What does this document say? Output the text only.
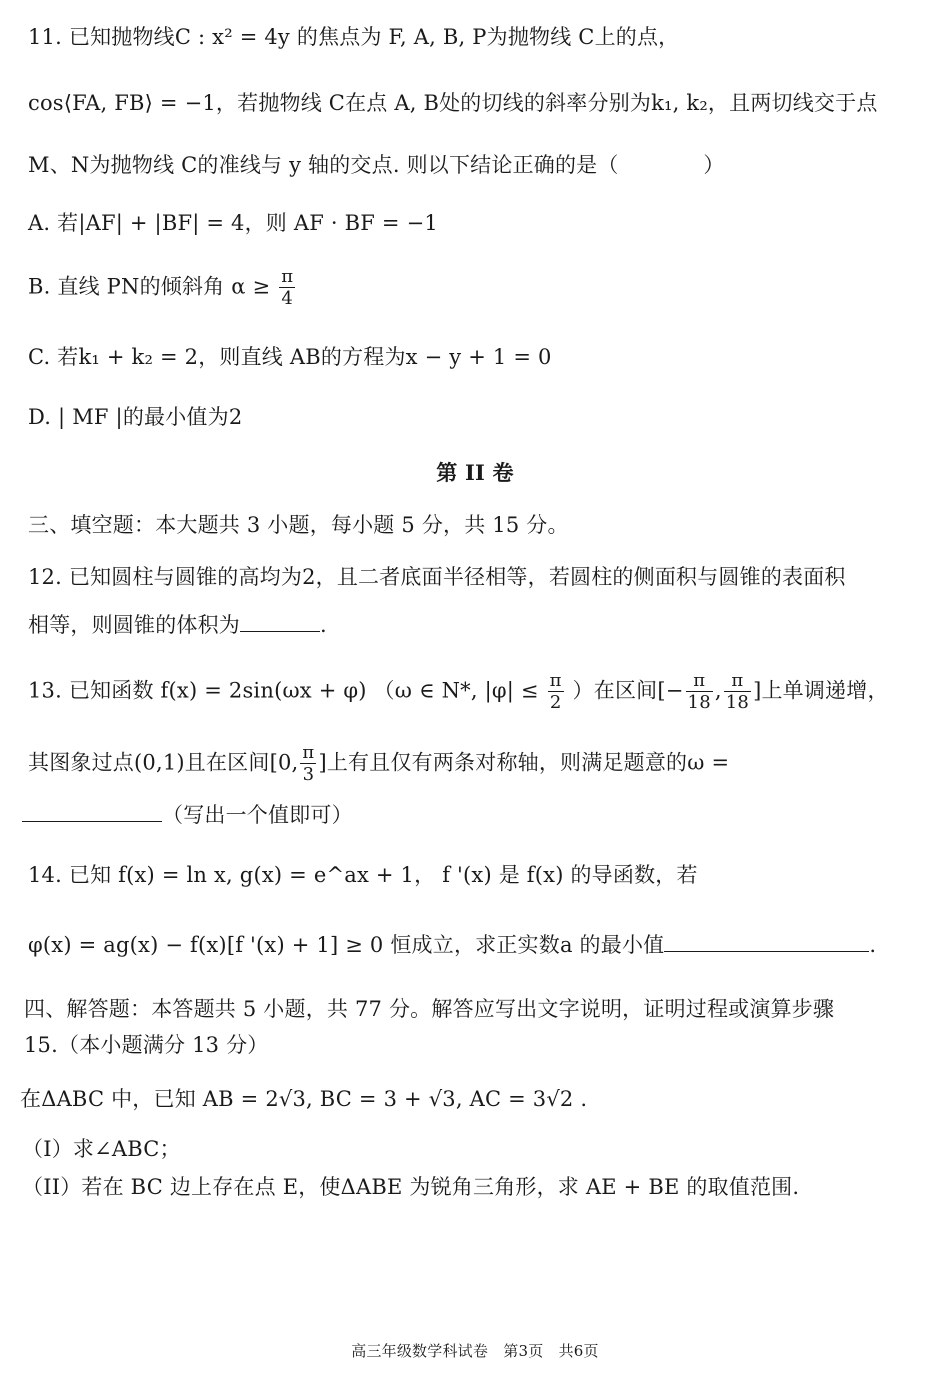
11. 已知抛物线C : x² = 4y 的焦点为 F, A, B, P为抛物线 C上的点，
cos⟨FA, FB⟩ = −1，若抛物线 C在点 A, B处的切线的斜率分别为k₁, k₂，且两切线交于点
M、N为抛物线 C的准线与 y 轴的交点. 则以下结论正确的是（　　　　）
A. 若|AF| + |BF| = 4，则 AF · BF = −1
B. 直线 PN的倾斜角 $\alpha \ge \frac{\pi}{4}$
C. 若k₁ + k₂ = 2，则直线 AB的方程为x − y + 1 = 0
D. | MF |的最小值为2
第 II 卷
三、填空题：本大题共 3 小题，每小题 5 分，共 15 分。
12. 已知圆柱与圆锥的高均为2，且二者底面半径相等，若圆柱的侧面积与圆锥的表面积
相等，则圆锥的体积为	.
13. 已知函数 f(x) = 2sin(ωx + φ) （ω ∈ N*, $|\varphi| \le \frac{\pi}{2}$ ）在区间[− $\frac{\pi}{18}$ , $\frac{\pi}{18}$ ]上单调递增，
其图象过点(0,1)且在区间[0, $\frac{\pi}{3}$ ]上有且仅有两条对称轴，则满足题意的ω =
（写出一个值即可）
14. 已知 f(x) = ln x, g(x) = e^ax + 1， f '(x) 是 f(x) 的导函数，若
φ(x) = ag(x) − f(x)[f '(x) + 1] ≥ 0 恒成立，求正实数a 的最小值	.
四、解答题：本答题共 5 小题，共 77 分。解答应写出文字说明，证明过程或演算步骤
15.（本小题满分 13 分）
在ΔABC 中，已知 AB = 2√3, BC = 3 + √3, AC = 3√2 .
（I）求∠ABC；
（II）若在 BC 边上存在点 E，使ΔABE 为锐角三角形，求 AE + BE 的取值范围.
高三年级数学科试卷　第3页　共6页
